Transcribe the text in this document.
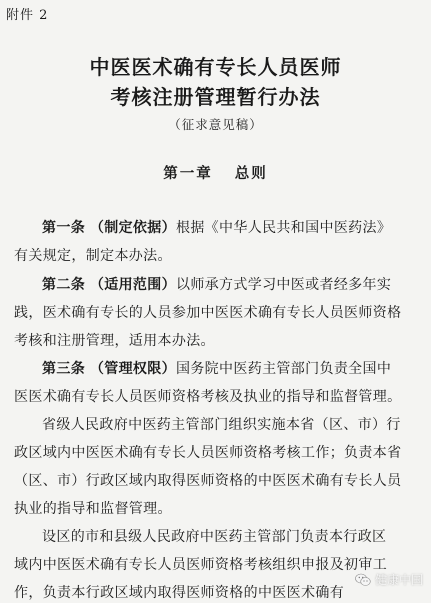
附件 2
中医医术确有专长人员医师
考核注册管理暂行办法
（征求意见稿）
第一章 总则
第一条 （制定依据）根据《中华人民共和国中医药法》
有关规定，制定本办法。
第二条 （适用范围）以师承方式学习中医或者经多年实
践，医术确有专长的人员参加中医医术确有专长人员医师资格
考核和注册管理，适用本办法。
第三条 （管理权限）国务院中医药主管部门负责全国中
医医术确有专长人员医师资格考核及执业的指导和监督管理。
省级人民政府中医药主管部门组织实施本省（区、市）行
政区域内中医医术确有专长人员医师资格考核工作；负责本省
（区、市）行政区域内取得医师资格的中医医术确有专长人员
执业的指导和监督管理。
设区的市和县级人民政府中医药主管部门负责本行政区
域内中医医术确有专长人员医师资格考核组织申报及初审工
作，负责本行政区域内取得医师资格的中医医术确有
健康中国
